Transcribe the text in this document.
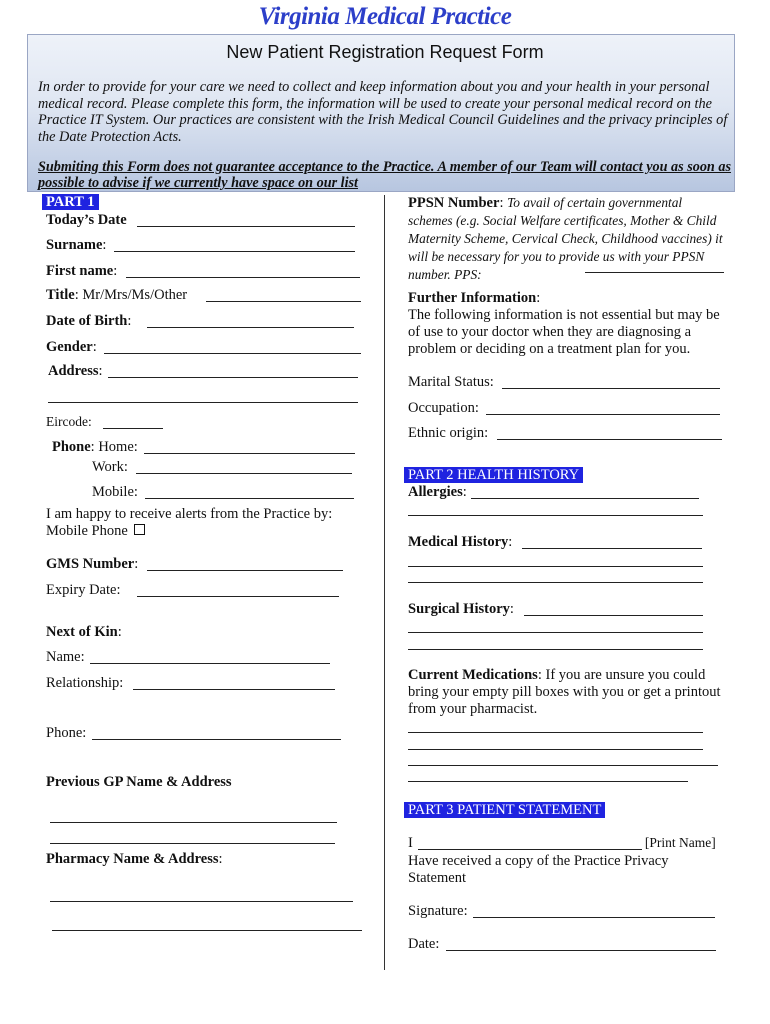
Virginia Medical Practice
New Patient Registration Request Form
In order to provide for your care we need to collect and keep information about you and your health in your personal medical record. Please complete this form, the information will be used to create your personal medical record on the Practice IT System. Our practices are consistent with the Irish Medical Council Guidelines and the privacy principles of the Date Protection Acts.
Submiting this Form does not guarantee acceptance to the Practice. A member of our Team will contact you as soon as possible to advise if we currently have space on our list
PART 1
Today’s Date
Surname:
First name:
Title: Mr/Mrs/Ms/Other
Date of Birth:
Gender:
Address:
Eircode:
Phone: Home:
Work:
Mobile:
I am happy to receive alerts from the Practice by:
Mobile Phone
GMS Number:
Expiry Date:
Next of Kin:
Name:
Relationship:
Phone:
Previous GP Name & Address
Pharmacy Name & Address:
PPSN Number: To avail of certain governmental schemes (e.g. Social Welfare certificates, Mother & Child Maternity Scheme, Cervical Check, Childhood vaccines) it will be necessary for you to provide us with your PPSN number. PPS:
Further Information:
The following information is not essential but may be of use to your doctor when they are diagnosing a problem or deciding on a treatment plan for you.
Marital Status:
Occupation:
Ethnic origin:
PART 2 HEALTH HISTORY
Allergies:
Medical History:
Surgical History:
Current Medications: If you are unsure you could bring your empty pill boxes with you or get a printout from your pharmacist.
PART 3 PATIENT STATEMENT
I	[Print Name]
Have received a copy of the Practice Privacy Statement
Signature:
Date:
